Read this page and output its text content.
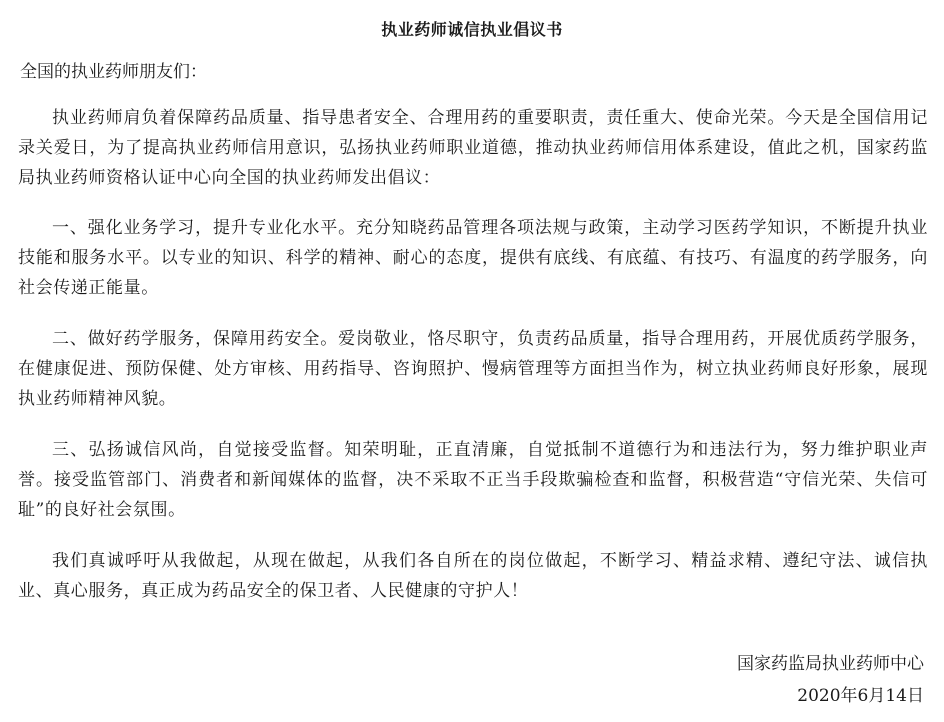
执业药师诚信执业倡议书
全国的执业药师朋友们：

执业药师肩负着保障药品质量、指导患者安全、合理用药的重要职责，责任重大、使命光荣。今天是全国信用记录关爱日，为了提高执业药师信用意识，弘扬执业药师职业道德，推动执业药师信用体系建设，值此之机，国家药监局执业药师资格认证中心向全国的执业药师发出倡议：

一、强化业务学习，提升专业化水平。充分知晓药品管理各项法规与政策，主动学习医药学知识，不断提升执业技能和服务水平。以专业的知识、科学的精神、耐心的态度，提供有底线、有底蕴、有技巧、有温度的药学服务，向社会传递正能量。

二、做好药学服务，保障用药安全。爱岗敬业，恪尽职守，负责药品质量，指导合理用药，开展优质药学服务，在健康促进、预防保健、处方审核、用药指导、咨询照护、慢病管理等方面担当作为，树立执业药师良好形象，展现执业药师精神风貌。

三、弘扬诚信风尚，自觉接受监督。知荣明耻，正直清廉，自觉抵制不道德行为和违法行为，努力维护职业声誉。接受监管部门、消费者和新闻媒体的监督，决不采取不正当手段欺骗检查和监督，积极营造“守信光荣、失信可耻”的良好社会氛围。

我们真诚呼吁从我做起，从现在做起，从我们各自所在的岗位做起，不断学习、精益求精、遵纪守法、诚信执业、真心服务，真正成为药品安全的保卫者、人民健康的守护人！

国家药监局执业药师中心
2020年6月14日
